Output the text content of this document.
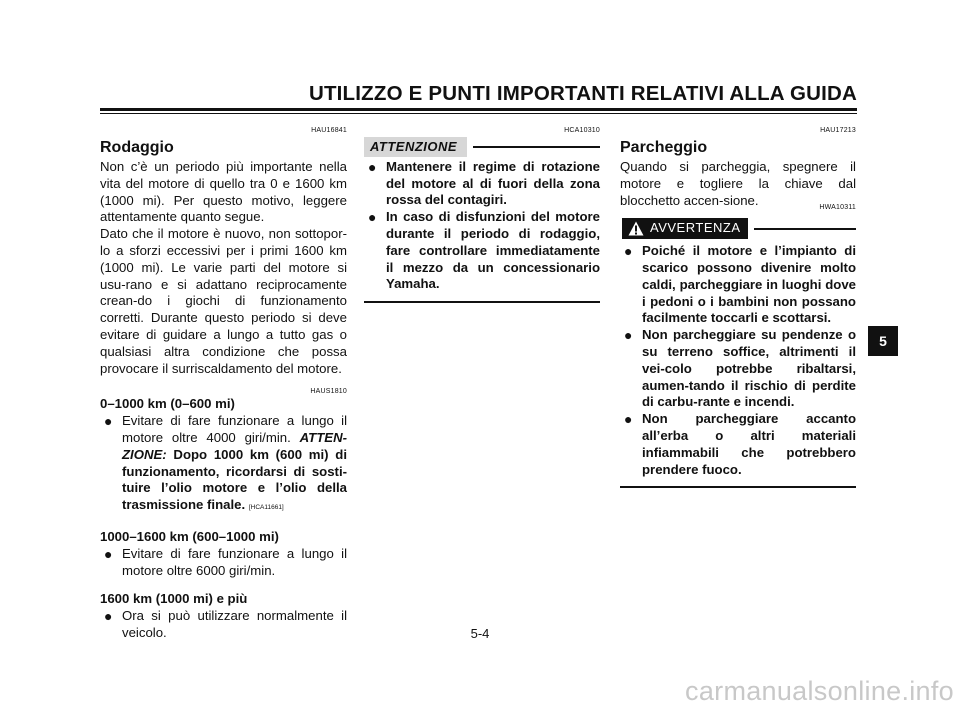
UTILIZZO E PUNTI IMPORTANTI RELATIVI ALLA GUIDA
HAU16841
Rodaggio

Non c’è un periodo più importante nella vita del motore di quello tra 0 e 1600 km (1000 mi). Per questo motivo, leggere attentamente quanto segue.

Dato che il motore è nuovo, non sottopor-lo a sforzi eccessivi per i primi 1600 km (1000 mi). Le varie parti del motore si usu-rano e si adattano reciprocamente crean-do i giochi di funzionamento corretti. Durante questo periodo si deve evitare di guidare a lungo a tutto gas o qualsiasi altra condizione che possa provocare il surriscaldamento del motore.

HAUS1810
0–1000 km (0–600 mi)
● Evitare di fare funzionare a lungo il motore oltre 4000 giri/min. ATTEN-ZIONE: Dopo 1000 km (600 mi) di funzionamento, ricordarsi di sosti-tuire l’olio motore e l’olio della trasmissione finale. [HCA11661]
1000–1600 km (600–1000 mi)
● Evitare di fare funzionare a lungo il motore oltre 6000 giri/min.
1600 km (1000 mi) e più
● Ora si può utilizzare normalmente il veicolo.
HCA10310
ATTENZIONE
● Mantenere il regime di rotazione del motore al di fuori della zona rossa del contagiri.
● In caso di disfunzioni del motore durante il periodo di rodaggio, fare controllare immediatamente il mezzo da un concessionario Yamaha.
HAU17213
Parcheggio

Quando si parcheggia, spegnere il motore e togliere la chiave dal blocchetto accen-sione.

HWA10311
AVVERTENZA
● Poiché il motore e l’impianto di scarico possono divenire molto caldi, parcheggiare in luoghi dove i pedoni o i bambini non possano facilmente toccarli e scottarsi.
● Non parcheggiare su pendenze o su terreno soffice, altrimenti il vei-colo potrebbe ribaltarsi, aumen-tando il rischio di perdite di carbu-rante e incendi.
● Non parcheggiare accanto all’erba o altri materiali infiammabili che potrebbero prendere fuoco.
5
5-4
carmanualsonline.info
